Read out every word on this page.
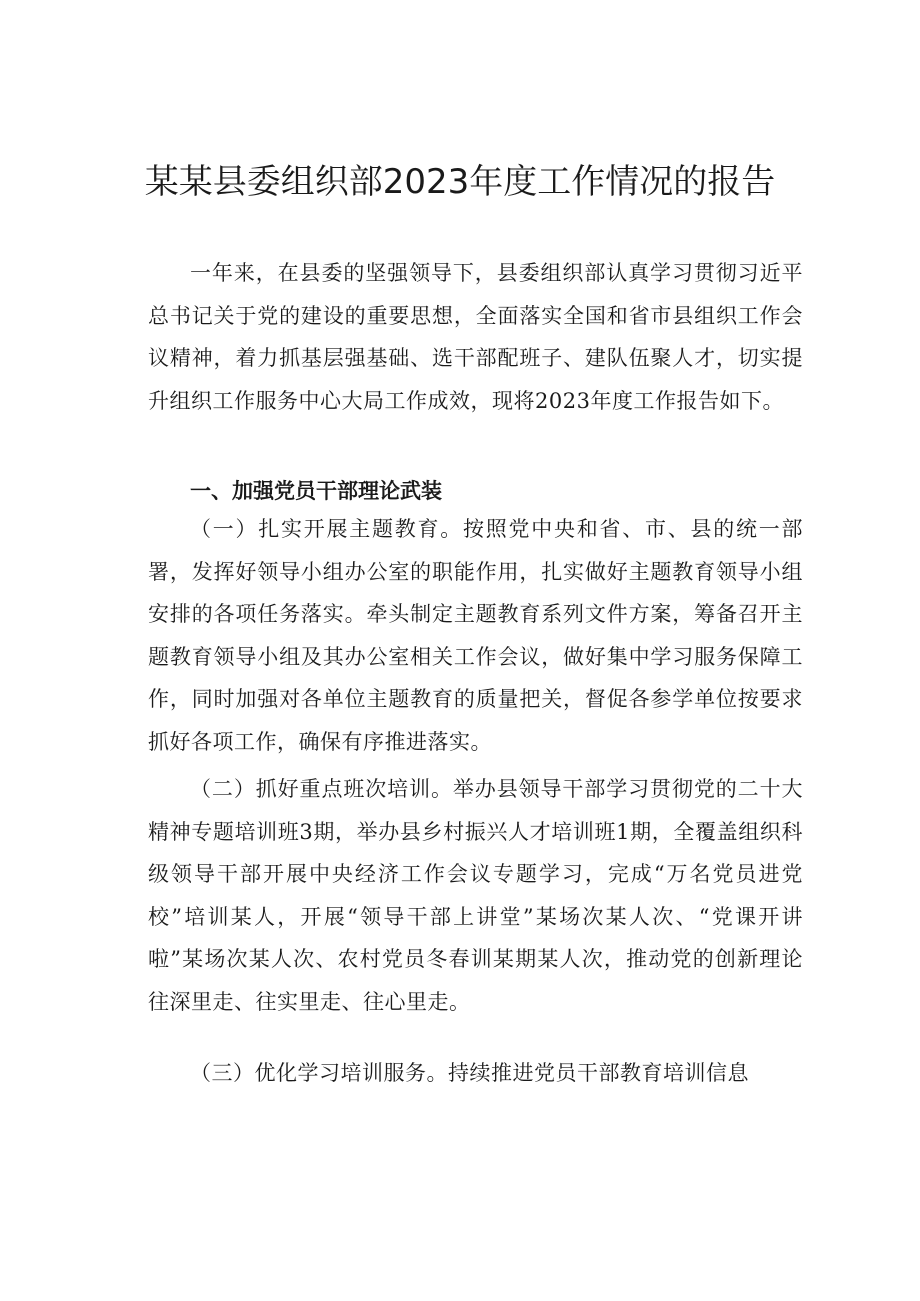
某某县委组织部2023年度工作情况的报告

一年来，在县委的坚强领导下，县委组织部认真学习贯彻习近平总书记关于党的建设的重要思想，全面落实全国和省市县组织工作会议精神，着力抓基层强基础、选干部配班子、建队伍聚人才，切实提升组织工作服务中心大局工作成效，现将2023年度工作报告如下。

一、加强党员干部理论武装

（一）扎实开展主题教育。按照党中央和省、市、县的统一部署，发挥好领导小组办公室的职能作用，扎实做好主题教育领导小组安排的各项任务落实。牵头制定主题教育系列文件方案，筹备召开主题教育领导小组及其办公室相关工作会议，做好集中学习服务保障工作，同时加强对各单位主题教育的质量把关，督促各参学单位按要求抓好各项工作，确保有序推进落实。

（二）抓好重点班次培训。举办县领导干部学习贯彻党的二十大精神专题培训班3期，举办县乡村振兴人才培训班1期，全覆盖组织科级领导干部开展中央经济工作会议专题学习，完成“万名党员进党校”培训某人，开展“领导干部上讲堂”某场次某人次、“党课开讲啦”某场次某人次、农村党员冬春训某期某人次，推动党的创新理论往深里走、往实里走、往心里走。

（三）优化学习培训服务。持续推进党员干部教育培训信息
